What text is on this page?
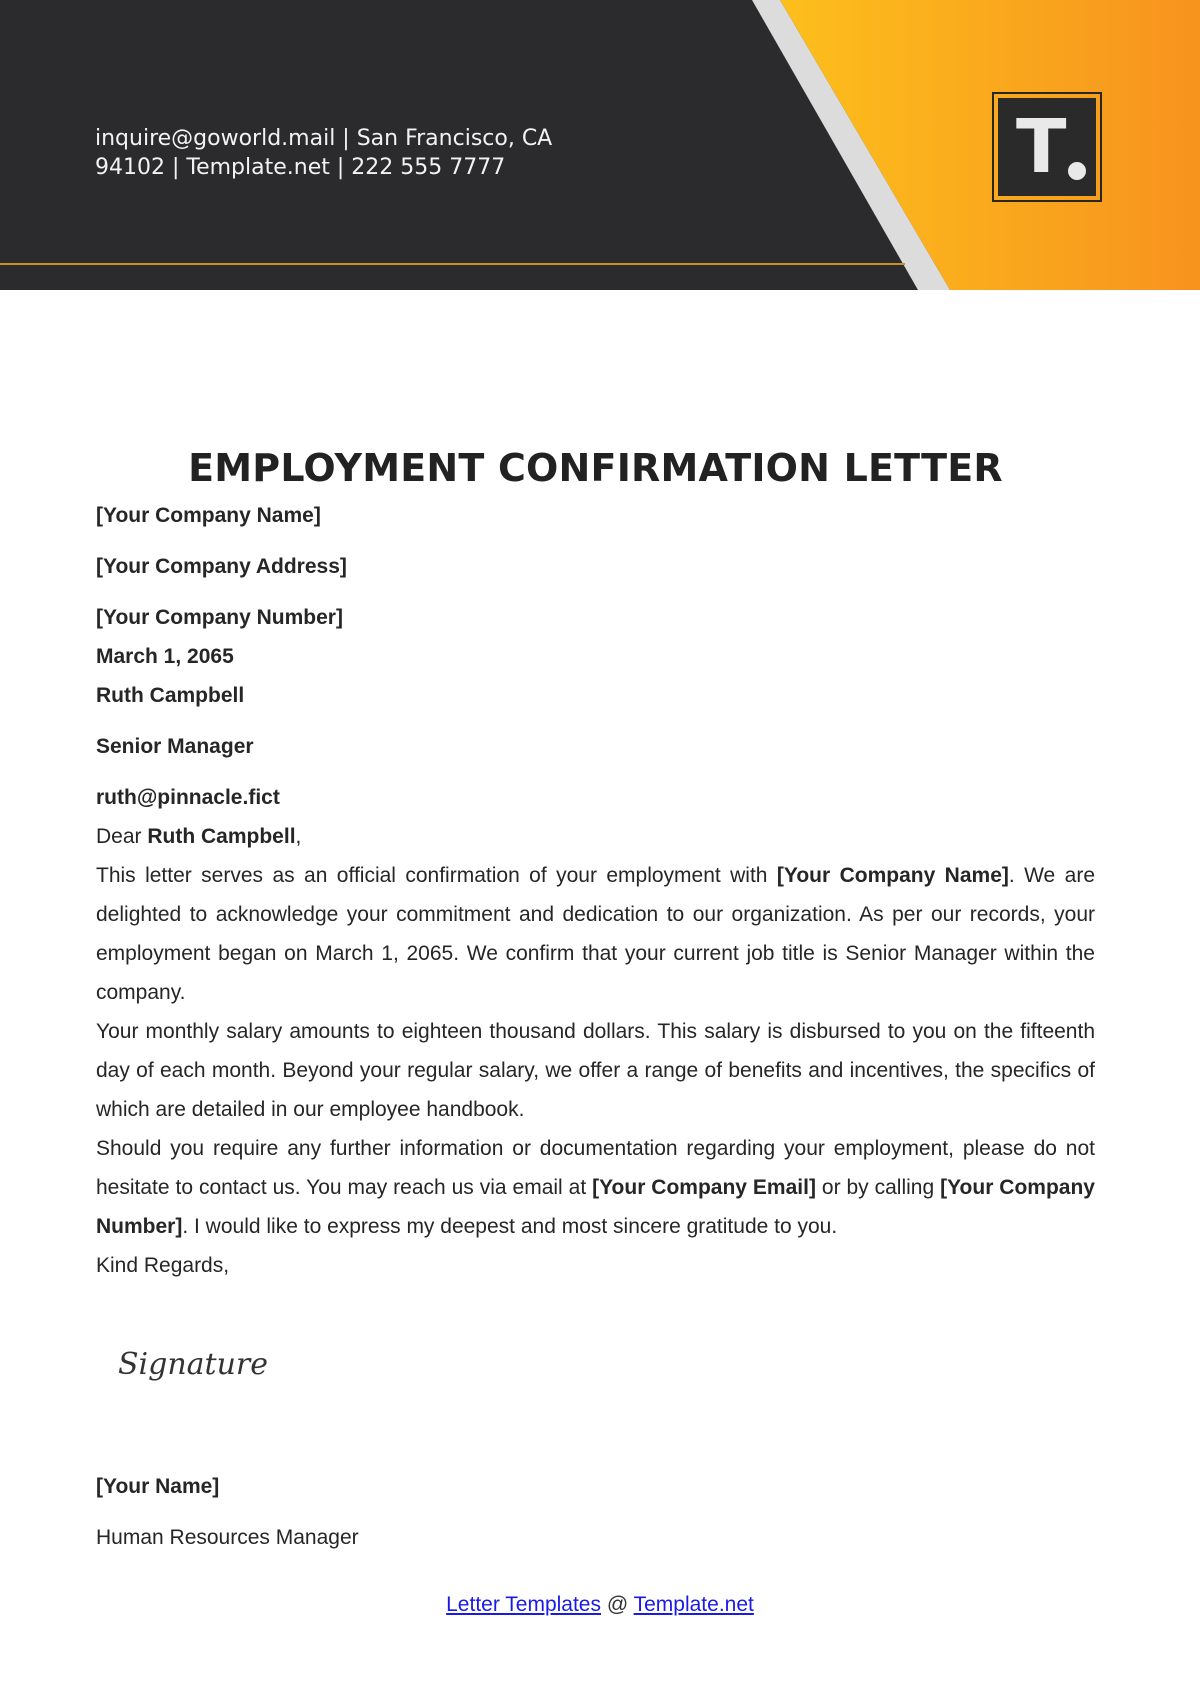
inquire@goworld.mail | San Francisco, CA
94102 | Template.net | 222 555 7777	T
EMPLOYMENT CONFIRMATION LETTER

[Your Company Name]

[Your Company Address]

[Your Company Number]

March 1, 2065

Ruth Campbell

Senior Manager

ruth@pinnacle.fict

Dear Ruth Campbell,

This letter serves as an official confirmation of your employment with [Your Company Name]. We are delighted to acknowledge your commitment and dedication to our organization. As per our records, your employment began on March 1, 2065. We confirm that your current job title is Senior Manager within the company.

Your monthly salary amounts to eighteen thousand dollars. This salary is disbursed to you on the fifteenth day of each month. Beyond your regular salary, we offer a range of benefits and incentives, the specifics of which are detailed in our employee handbook.

Should you require any further information or documentation regarding your employment, please do not hesitate to contact us. You may reach us via email at [Your Company Email] or by calling [Your Company Number]. I would like to express my deepest and most sincere gratitude to you.

Kind Regards,

Signature

[Your Name]

Human Resources Manager

Letter Templates @ Template.net
